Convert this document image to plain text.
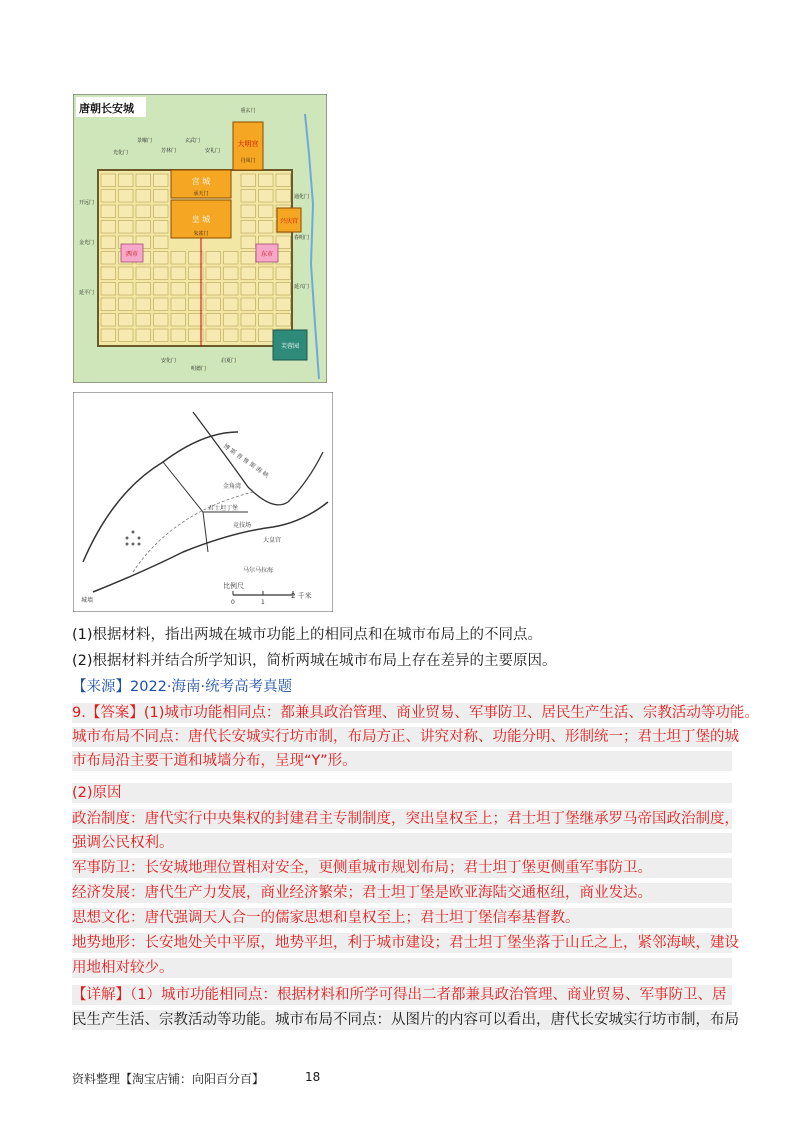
唐朝长安城
宫 城
皇 城
承天门
朱雀门
大明宫
丹凤门
重玄门
兴庆宫
西市	东市
芙蓉园
开远门
金光门
延平门
通化门
春明门
延兴门
光化门
景曜门
芳林门
玄武门
安礼门
安化门
明德门
启夏门
博 斯 普 鲁 斯 海 峡
君士坦丁堡
金角湾
马尔马拉海
城墙
大皇宫
竞技场
比例尺
0	1
2 千米
(1)根据材料，指出两城在城市功能上的相同点和在城市布局上的不同点。
(2)根据材料并结合所学知识，简析两城在城市布局上存在差异的主要原因。
【来源】2022·海南·统考高考真题
9.【答案】(1)城市功能相同点：都兼具政治管理、商业贸易、军事防卫、居民生产生活、宗教活动等功能。
城市布局不同点：唐代长安城实行坊市制，布局方正、讲究对称、功能分明、形制统一；君士坦丁堡的城
市布局沿主要干道和城墙分布，呈现“Y”形。
(2)原因
政治制度：唐代实行中央集权的封建君主专制制度，突出皇权至上；君士坦丁堡继承罗马帝国政治制度，
强调公民权利。
军事防卫：长安城地理位置相对安全，更侧重城市规划布局；君士坦丁堡更侧重军事防卫。
经济发展：唐代生产力发展，商业经济繁荣；君士坦丁堡是欧亚海陆交通枢纽，商业发达。
思想文化：唐代强调天人合一的儒家思想和皇权至上；君士坦丁堡信奉基督教。
地势地形：长安地处关中平原，地势平坦，利于城市建设；君士坦丁堡坐落于山丘之上，紧邻海峡，建设
用地相对较少。
【详解】（1）城市功能相同点：根据材料和所学可得出二者都兼具政治管理、商业贸易、军事防卫、居
民生产生活、宗教活动等功能。城市布局不同点：从图片的内容可以看出，唐代长安城实行坊市制，布局
资料整理【淘宝店铺：向阳百分百】	18
